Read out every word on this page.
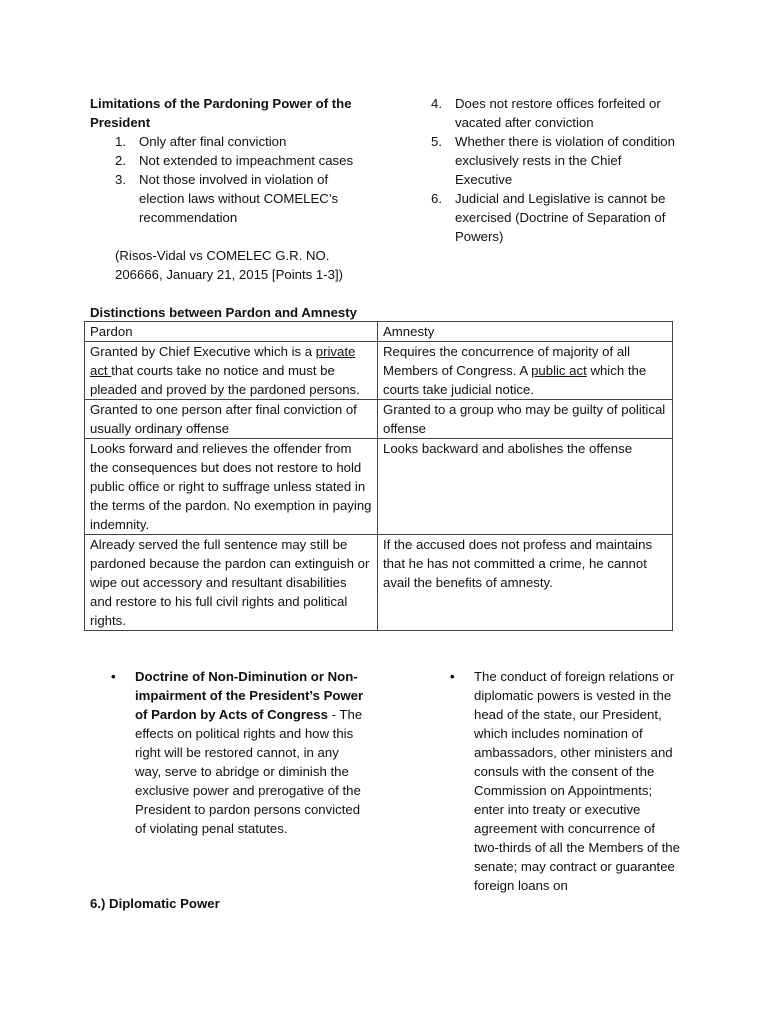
Limitations of the Pardoning Power of the President
1. Only after final conviction
2. Not extended to impeachment cases
3. Not those involved in violation of election laws without COMELEC’s recommendation
(Risos-Vidal vs COMELEC G.R. NO. 206666, January 21, 2015 [Points 1-3])
4. Does not restore offices forfeited or vacated after conviction
5. Whether there is violation of condition exclusively rests in the Chief Executive
6. Judicial and Legislative is cannot be exercised (Doctrine of Separation of Powers)
Distinctions between Pardon and Amnesty
Pardon	Amnesty
Granted by Chief Executive which is a private act that courts take no notice and must be pleaded and proved by the pardoned persons.	Requires the concurrence of majority of all Members of Congress. A public act which the courts take judicial notice.
Granted to one person after final conviction of usually ordinary offense	Granted to a group who may be guilty of political offense
Looks forward and relieves the offender from the consequences but does not restore to hold public office or right to suffrage unless stated in the terms of the pardon. No exemption in paying indemnity.	Looks backward and abolishes the offense
Already served the full sentence may still be pardoned because the pardon can extinguish or wipe out accessory and resultant disabilities and restore to his full civil rights and political rights.	If the accused does not profess and maintains that he has not committed a crime, he cannot avail the benefits of amnesty.
• Doctrine of Non-Diminution or Non-impairment of the President’s Power of Pardon by Acts of Congress - The effects on political rights and how this right will be restored cannot, in any way, serve to abridge or diminish the exclusive power and prerogative of the President to pardon persons convicted of violating penal statutes.
• The conduct of foreign relations or diplomatic powers is vested in the head of the state, our President, which includes nomination of ambassadors, other ministers and consuls with the consent of the Commission on Appointments; enter into treaty or executive agreement with concurrence of two-thirds of all the Members of the senate; may contract or guarantee foreign loans on
6.) Diplomatic Power
